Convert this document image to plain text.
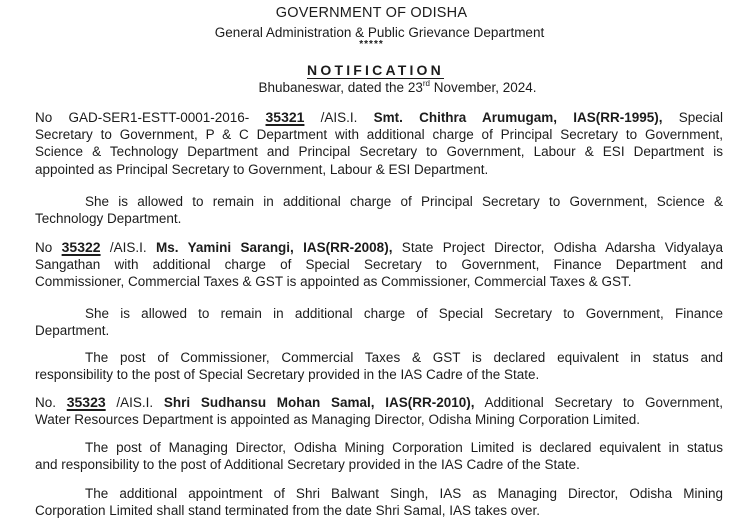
GOVERNMENT OF ODISHA
General Administration & Public Grievance Department
*****
NOTIFICATION
Bhubaneswar, dated the 23rd November, 2024.
No GAD-SER1-ESTT-0001-2016- 35321 /AIS.I. Smt. Chithra Arumugam, IAS(RR-1995), Special
Secretary to Government, P & C Department with additional charge of Principal Secretary to Government,
Science & Technology Department and Principal Secretary to Government, Labour & ESI Department is
appointed as Principal Secretary to Government, Labour & ESI Department.
She is allowed to remain in additional charge of Principal Secretary to Government, Science &
Technology Department.
No 35322 /AIS.I. Ms. Yamini Sarangi, IAS(RR-2008), State Project Director, Odisha Adarsha Vidyalaya
Sangathan with additional charge of Special Secretary to Government, Finance Department and
Commissioner, Commercial Taxes & GST is appointed as Commissioner, Commercial Taxes & GST.
She is allowed to remain in additional charge of Special Secretary to Government, Finance
Department.
The post of Commissioner, Commercial Taxes & GST is declared equivalent in status and
responsibility to the post of Special Secretary provided in the IAS Cadre of the State.
No. 35323 /AIS.I. Shri Sudhansu Mohan Samal, IAS(RR-2010), Additional Secretary to Government,
Water Resources Department is appointed as Managing Director, Odisha Mining Corporation Limited.
The post of Managing Director, Odisha Mining Corporation Limited is declared equivalent in status
and responsibility to the post of Additional Secretary provided in the IAS Cadre of the State.
The additional appointment of Shri Balwant Singh, IAS as Managing Director, Odisha Mining
Corporation Limited shall stand terminated from the date Shri Samal, IAS takes over.
